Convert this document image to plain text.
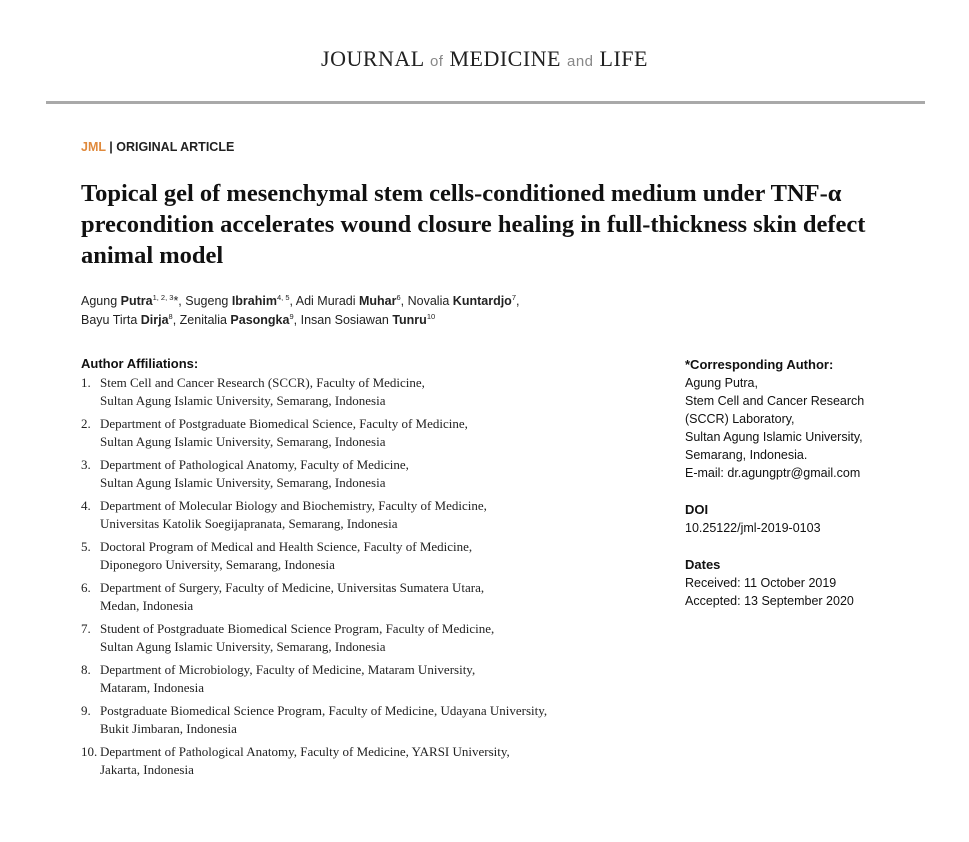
JOURNAL of MEDICINE and LIFE
JML | ORIGINAL ARTICLE
Topical gel of mesenchymal stem cells-conditioned medium under TNF-α precondition accelerates wound closure healing in full-thickness skin defect animal model
Agung Putra$^{1, 2, 3}$*, Sugeng Ibrahim$^{4, 5}$, Adi Muradi Muhar$^6$, Novalia Kuntardjo$^7$,
Bayu Tirta Dirja$^8$, Zenitalia Pasongka$^9$, Insan Sosiawan Tunru$^{10}$
Author Affiliations:
1. Stem Cell and Cancer Research (SCCR), Faculty of Medicine,
Sultan Agung Islamic University, Semarang, Indonesia
2. Department of Postgraduate Biomedical Science, Faculty of Medicine,
Sultan Agung Islamic University, Semarang, Indonesia
3. Department of Pathological Anatomy, Faculty of Medicine,
Sultan Agung Islamic University, Semarang, Indonesia
4. Department of Molecular Biology and Biochemistry, Faculty of Medicine,
Universitas Katolik Soegijapranata, Semarang, Indonesia
5. Doctoral Program of Medical and Health Science, Faculty of Medicine,
Diponegoro University, Semarang, Indonesia
6. Department of Surgery, Faculty of Medicine, Universitas Sumatera Utara,
Medan, Indonesia
7. Student of Postgraduate Biomedical Science Program, Faculty of Medicine,
Sultan Agung Islamic University, Semarang, Indonesia
8. Department of Microbiology, Faculty of Medicine, Mataram University,
Mataram, Indonesia
9. Postgraduate Biomedical Science Program, Faculty of Medicine, Udayana University,
Bukit Jimbaran, Indonesia
10. Department of Pathological Anatomy, Faculty of Medicine, YARSI University,
Jakarta, Indonesia
*Corresponding Author:
Agung Putra,
Stem Cell and Cancer Research
(SCCR) Laboratory,
Sultan Agung Islamic University,
Semarang, Indonesia.
E-mail: dr.agungptr@gmail.com
DOI
10.25122/jml-2019-0103
Dates
Received: 11 October 2019
Accepted: 13 September 2020
